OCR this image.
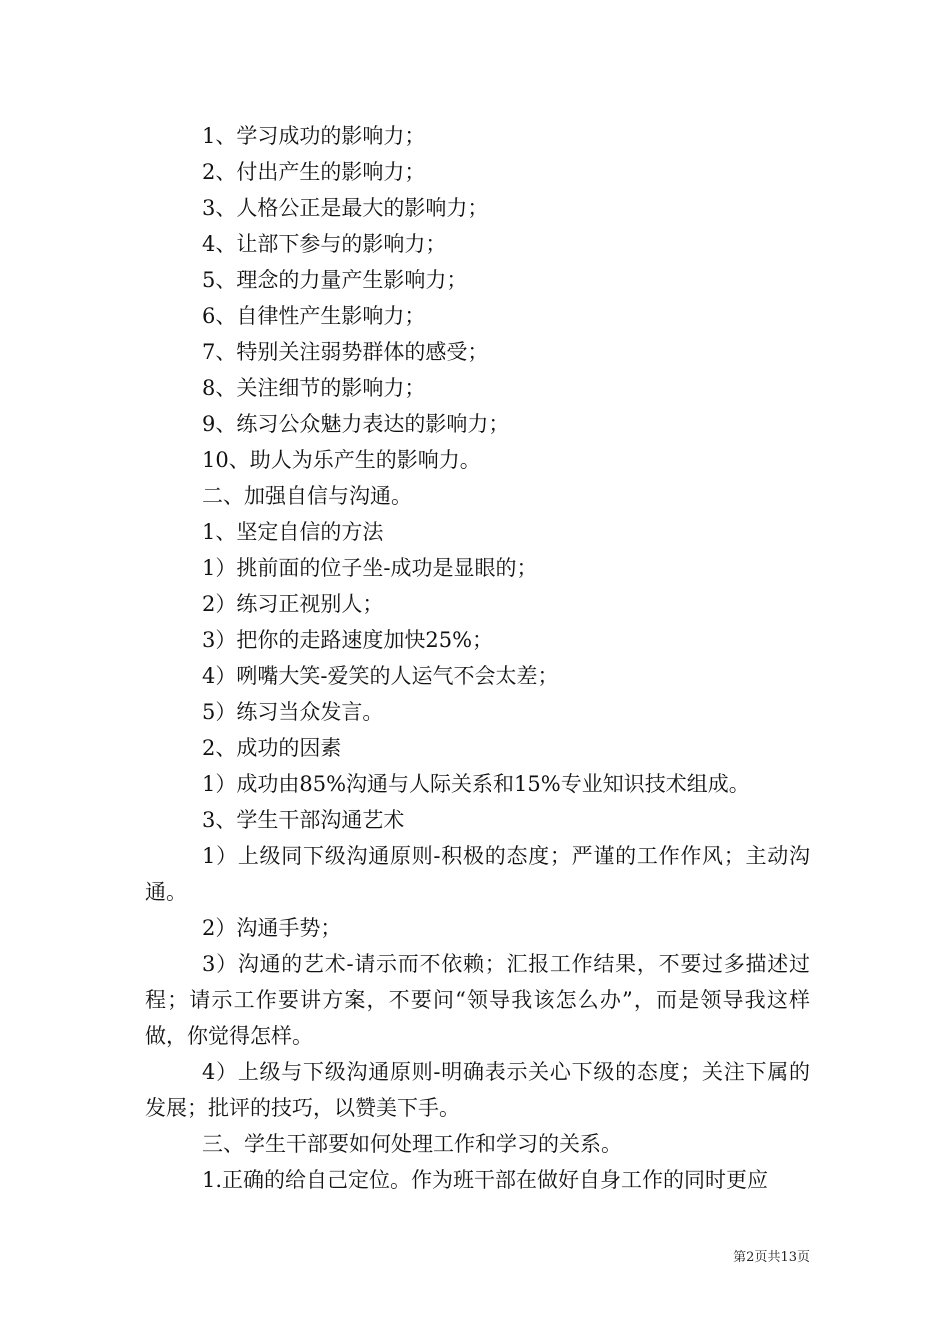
1、学习成功的影响力；

2、付出产生的影响力；

3、人格公正是最大的影响力；

4、让部下参与的影响力；

5、理念的力量产生影响力；

6、自律性产生影响力；

7、特别关注弱势群体的感受；

8、关注细节的影响力；

9、练习公众魅力表达的影响力；

10、助人为乐产生的影响力。

二、加强自信与沟通。

1、坚定自信的方法

1）挑前面的位子坐-成功是显眼的；

2）练习正视别人；

3）把你的走路速度加快25%；

4）咧嘴大笑-爱笑的人运气不会太差；

5）练习当众发言。

2、成功的因素

1）成功由85%沟通与人际关系和15%专业知识技术组成。

3、学生干部沟通艺术

1）上级同下级沟通原则-积极的态度；严谨的工作作风；主动沟通。

2）沟通手势；

3）沟通的艺术-请示而不依赖；汇报工作结果，不要过多描述过程；请示工作要讲方案，不要问“领导我该怎么办”，而是领导我这样做，你觉得怎样。

4）上级与下级沟通原则-明确表示关心下级的态度；关注下属的发展；批评的技巧，以赞美下手。

三、学生干部要如何处理工作和学习的关系。

1.正确的给自己定位。作为班干部在做好自身工作的同时更应

第2页共13页
